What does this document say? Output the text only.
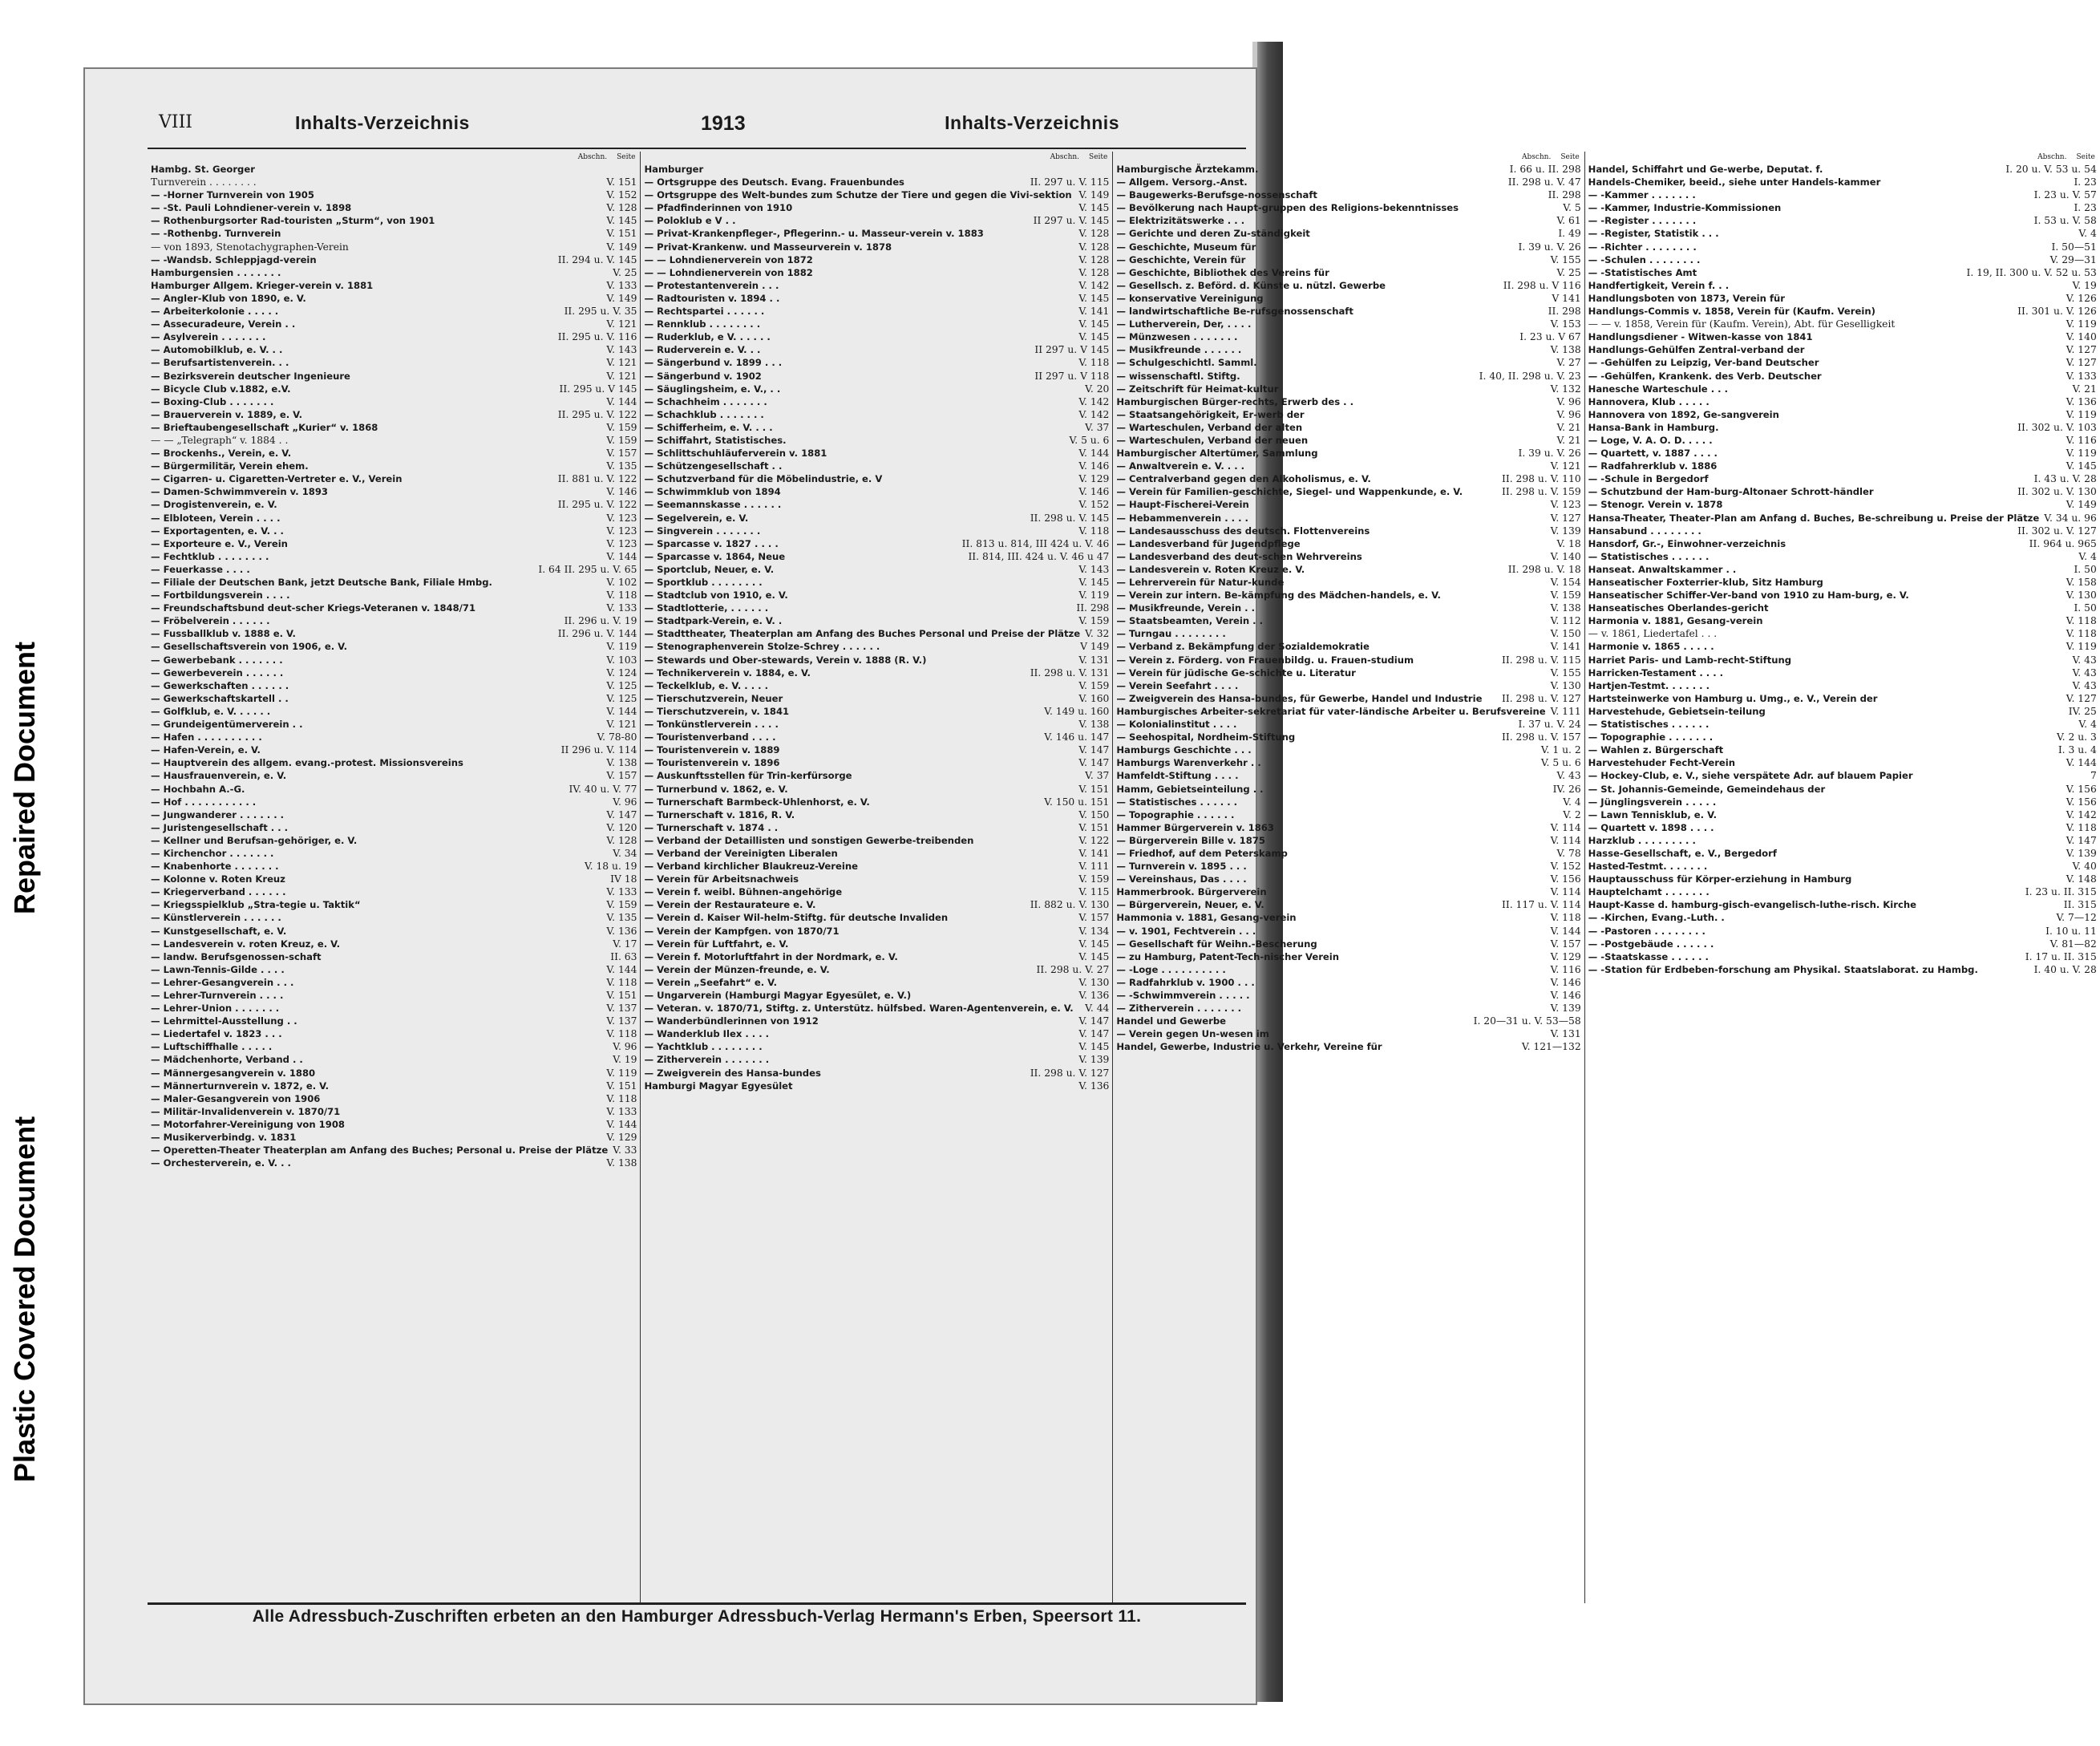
Repaired Document
Plastic Covered Document
VIII	Inhalts-Verzeichnis	1913	Inhalts-Verzeichnis
Abschn. Seite
Hambg. St. Georger
Turnverein . . . . . . . .	V. 151
— -Horner Turnverein von 1905	V. 152
— -St. Pauli Lohndiener-verein v. 1898	V. 128
— Rothenburgsorter Rad-touristen „Sturm“, von 1901	V. 145
— -Rothenbg. Turnverein	V. 151
— von 1893, Stenotachygraphen-Verein	V. 149
— -Wandsb. Schleppjagd-verein	II. 294 u. V. 145
Hamburgensien . . . . . . .	V. 25
Hamburger Allgem. Krieger-verein v. 1881	V. 133
— Angler-Klub von 1890, e. V.	V. 149
— Arbeiterkolonie . . . . .	II. 295 u. V. 35
— Assecuradeure, Verein . .	V. 121
— Asylverein . . . . . . .	II. 295 u. V. 116
— Automobilklub, e. V. . .	V. 143
— Berufsartistenverein. . .	V. 121
— Bezirksverein deutscher Ingenieure	V. 121
— Bicycle Club v.1882, e.V.	II. 295 u. V 145
— Boxing-Club . . . . . . .	V. 144
— Brauerverein v. 1889, e. V.	II. 295 u. V. 122
— Brieftaubengesellschaft „Kurier“ v. 1868	V. 159
— — „Telegraph“ v. 1884 . .	V. 159
— Brockenhs., Verein, e. V.	V. 157
— Bürgermilitär, Verein ehem.	V. 135
— Cigarren- u. Cigaretten-Vertreter e. V., Verein	II. 881 u. V. 122
— Damen-Schwimmverein v. 1893	V. 146
— Drogistenverein, e. V.	II. 295 u. V. 122
— Elbloteen, Verein . . . .	V. 123
— Exportagenten, e. V. . .	V. 123
— Exporteure e. V., Verein	V. 123
— Fechtklub . . . . . . . .	V. 144
— Feuerkasse . . . .	I. 64 II. 295 u. V. 65
— Filiale der Deutschen Bank, jetzt Deutsche Bank, Filiale Hmbg.	V. 102
— Fortbildungsverein . . . .	V. 118
— Freundschaftsbund deut-scher Kriegs-Veteranen v. 1848/71	V. 133
— Fröbelverein . . . . . .	II. 296 u. V. 19
— Fussballklub v. 1888 e. V.	II. 296 u. V. 144
— Gesellschaftsverein von 1906, e. V.	V. 119
— Gewerbebank . . . . . . .	V. 103
— Gewerbeverein . . . . . .	V. 124
— Gewerkschaften . . . . . .	V. 125
— Gewerkschaftskartell . .	V. 125
— Golfklub, e. V. . . . . .	V. 144
— Grundeigentümerverein . .	V. 121
— Hafen . . . . . . . . . .	V. 78-80
— Hafen-Verein, e. V.	II 296 u. V. 114
— Hauptverein des allgem. evang.-protest. Missionsvereins	V. 138
— Hausfrauenverein, e. V.	V. 157
— Hochbahn A.-G.	IV. 40 u. V. 77
— Hof . . . . . . . . . . .	V. 96
— Jungwanderer . . . . . . .	V. 147
— Juristengesellschaft . . .	V. 120
— Kellner und Berufsan-gehöriger, e. V.	V. 128
— Kirchenchor . . . . . . .	V. 34
— Knabenhorte . . . . . . .	V. 18 u. 19
— Kolonne v. Roten Kreuz	IV 18
— Kriegerverband . . . . . .	V. 133
— Kriegsspielklub „Stra-tegie u. Taktik“	V. 159
— Künstlerverein . . . . . .	V. 135
— Kunstgesellschaft, e. V.	V. 136
— Landesverein v. roten Kreuz, e. V.	V. 17
— landw. Berufsgenossen-schaft	II. 63
— Lawn-Tennis-Gilde . . . .	V. 144
— Lehrer-Gesangverein . . .	V. 118
— Lehrer-Turnverein . . . .	V. 151
— Lehrer-Union . . . . . . .	V. 137
— Lehrmittel-Ausstellung . .	V. 137
— Liedertafel v. 1823 . . .	V. 118
— Luftschiffhalle . . . . .	V. 96
— Mädchenhorte, Verband . .	V. 19
— Männergesangverein v. 1880	V. 119
— Männerturnverein v. 1872, e. V.	V. 151
— Maler-Gesangverein von 1906	V. 118
— Militär-Invalidenverein v. 1870/71	V. 133
— Motorfahrer-Vereinigung von 1908	V. 144
— Musikerverbindg. v. 1831	V. 129
— Operetten-Theater Theaterplan am Anfang des Buches; Personal u. Preise der Plätze V. 33
— Orchesterverein, e. V. . .	V. 138
Abschn. Seite
Hamburger
— Ortsgruppe des Deutsch. Evang. Frauenbundes	II. 297 u. V. 115
— Ortsgruppe des Welt-bundes zum Schutze der Tiere und gegen die Vivi-sektion V. 149
— Pfadfinderinnen von 1910	V. 145
— Poloklub e V . .	II 297 u. V. 145
— Privat-Krankenpfleger-, Pflegerinn.- u. Masseur-verein v. 1883	V. 128
— Privat-Krankenw. und Masseurverein v. 1878	V. 128
— — Lohndienerverein von 1872	V. 128
— — Lohndienerverein von 1882	V. 128
— Protestantenverein . . .	V. 142
— Radtouristen v. 1894 . .	V. 145
— Rechtspartei . . . . . .	V. 141
— Rennklub . . . . . . . .	V. 145
— Ruderklub, e V. . . . . .	V. 145
— Ruderverein e. V. . .	II 297 u. V 145
— Sängerbund v. 1899 . . .	V. 118
— Sängerbund v. 1902	II 297 u. V 118
— Säuglingsheim, e. V., . .	V. 20
— Schachheim . . . . . . .	V. 142
— Schachklub . . . . . . .	V. 142
— Schifferheim, e. V. . . .	V. 37
— Schiffahrt, Statistisches.	V. 5 u. 6
— Schlittschuhläuferverein v. 1881	V. 144
— Schützengesellschaft . .	V. 146
— Schutzverband für die Möbelindustrie, e. V	V. 129
— Schwimmklub von 1894	V. 146
— Seemannskasse . . . . . .	V. 152
— Segelverein, e. V.	II. 298 u. V. 145
— Singverein . . . . . . .	V. 118
— Sparcasse v. 1827 . . . .	II. 813 u. 814, III 424 u. V. 46
— Sparcasse v. 1864, Neue	II. 814, III. 424 u. V. 46 u 47
— Sportclub, Neuer, e. V.	V. 143
— Sportklub . . . . . . . .	V. 145
— Stadtclub von 1910, e. V.	V. 119
— Stadtlotterie, . . . . . .	II. 298
— Stadtpark-Verein, e. V. .	V. 159
— Stadttheater, Theaterplan am Anfang des Buches Personal und Preise der Plätze V. 32
— Stenographenverein Stolze-Schrey . . . . . .	V 149
— Stewards und Ober-stewards, Verein v. 1888 (R. V.)	V. 131
— Technikerverein v. 1884, e. V.	II. 298 u. V. 131
— Teckelklub, e. V. . . . .	V. 159
— Tierschutzverein, Neuer	V. 160
— Tierschutzverein, v. 1841	V. 149 u. 160
— Tonkünstlerverein . . . .	V. 138
— Touristenverband . . . .	V. 146 u. 147
— Touristenverein v. 1889	V. 147
— Touristenverein v. 1896	V. 147
— Auskunftsstellen für Trin-kerfürsorge	V. 37
— Turnerbund v. 1862, e. V.	V. 151
— Turnerschaft Barmbeck-Uhlenhorst, e. V.	V. 150 u. 151
— Turnerschaft v. 1816, R. V.	V. 150
— Turnerschaft v. 1874 . .	V. 151
— Verband der Detaillisten und sonstigen Gewerbe-treibenden	V. 122
— Verband der Vereinigten Liberalen	V. 141
— Verband kirchlicher Blaukreuz-Vereine	V. 111
— Verein für Arbeitsnachweis	V. 159
— Verein f. weibl. Bühnen-angehörige	V. 115
— Verein der Restaurateure e. V.	II. 882 u. V. 130
— Verein d. Kaiser Wil-helm-Stiftg. für deutsche Invaliden	V. 157
— Verein der Kampfgen. von 1870/71	V. 134
— Verein für Luftfahrt, e. V.	V. 145
— Verein f. Motorluftfahrt in der Nordmark, e. V.	V. 145
— Verein der Münzen-freunde, e. V.	II. 298 u. V. 27
— Verein „Seefahrt“ e. V.	V. 130
— Ungarverein (Hamburgi Magyar Egyesület, e. V.)	V. 136
— Veteran. v. 1870/71, Stiftg. z. Unterstütz. hülfsbed. Waren-Agentenverein, e. V.	V. 44
— Wanderbündlerinnen von 1912	V. 147
— Wanderklub Ilex . . . .	V. 147
— Yachtklub . . . . . . . .	V. 145
— Zitherverein . . . . . . .	V. 139
— Zweigverein des Hansa-bundes	II. 298 u. V. 127
Hamburgi Magyar Egyesület	V. 136
Abschn. Seite
Hamburgische Ärztekamm.	I. 66 u. II. 298
— Allgem. Versorg.-Anst.	II. 298 u. V. 47
— Baugewerks-Berufsge-nossenschaft	II. 298
— Bevölkerung nach Haupt-gruppen des Religions-bekenntnisses	V. 5
— Elektrizitätswerke . . .	V. 61
— Gerichte und deren Zu-ständigkeit	I. 49
— Geschichte, Museum für	I. 39 u. V. 26
— Geschichte, Verein für	V. 155
— Geschichte, Bibliothek des Vereins für	V. 25
— Gesellsch. z. Beförd. d. Künste u. nützl. Gewerbe	II. 298 u. V 116
— konservative Vereinigung	V 141
— landwirtschaftliche Be-rufsgenossenschaft	II. 298
— Lutherverein, Der, . . . .	V. 153
— Münzwesen . . . . . . .	I. 23 u. V 67
— Musikfreunde . . . . . .	V. 138
— Schulgeschichtl. Samml.	V. 27
— wissenschaftl. Stiftg.	I. 40, II. 298 u. V. 23
— Zeitschrift für Heimat-kultur	V. 132
Hamburgischen Bürger-rechts, Erwerb des . .	V. 96
— Staatsangehörigkeit, Er-werb der	V. 96
— Warteschulen, Verband der alten	V. 21
— Warteschulen, Verband der neuen	V. 21
Hamburgischer Altertümer, Sammlung	I. 39 u. V. 26
— Anwaltverein e. V. . . .	V. 121
— Centralverband gegen den Alkoholismus, e. V.	II. 298 u. V. 110
— Verein für Familien-geschichte, Siegel- und Wappenkunde, e. V.	II. 298 u. V. 159
— Haupt-Fischerei-Verein	V. 123
— Hebammenverein . . . .	V. 127
— Landesausschuss des deutsch. Flottenvereins	V. 139
— Landesverband für Jugendpflege	V. 18
— Landesverband des deut-schen Wehrvereins	V. 140
— Landesverein v. Roten Kreuz e. V.	II. 298 u. V. 18
— Lehrerverein für Natur-kunde	V. 154
— Verein zur intern. Be-kämpfung des Mädchen-handels, e. V.	V. 159
— Musikfreunde, Verein . .	V. 138
— Staatsbeamten, Verein . .	V. 112
— Turngau . . . . . . . .	V. 150
— Verband z. Bekämpfung der Sozialdemokratie	V. 141
— Verein z. Förderg. von Frauenbildg. u. Frauen-studium	II. 298 u. V. 115
— Verein für jüdische Ge-schichte u. Literatur	V. 155
— Verein Seefahrt . . . .	V. 130
— Zweigverein des Hansa-bundes, für Gewerbe, Handel und Industrie	II. 298 u. V. 127
Hamburgisches Arbeiter-sekretariat für vater-ländische Arbeiter u. Berufsvereine V. 111
— Kolonialinstitut . . . .	I. 37 u. V. 24
— Seehospital, Nordheim-Stiftung	II. 298 u. V. 157
Hamburgs Geschichte . . .	V. 1 u. 2
Hamburgs Warenverkehr . .	V. 5 u. 6
Hamfeldt-Stiftung . . . .	V. 43
Hamm, Gebietseinteilung . .	IV. 26
— Statistisches . . . . . .	V. 4
— Topographie . . . . . .	V. 2
Hammer Bürgerverein v. 1863	V. 114
— Bürgerverein Bille v. 1875	V. 114
— Friedhof, auf dem Peterskamp	V. 78
— Turnverein v. 1895 . . .	V. 152
— Vereinshaus, Das . . . .	V. 156
Hammerbrook. Bürgerverein	V. 114
— Bürgerverein, Neuer, e. V.	II. 117 u. V. 114
Hammonia v. 1881, Gesang-verein	V. 118
— v. 1901, Fechtverein . . .	V. 144
— Gesellschaft für Weihn.-Bescherung	V. 157
— zu Hamburg, Patent-Tech-nischer Verein	V. 129
— -Loge . . . . . . . . . .	V. 116
— Radfahrklub v. 1900 . . .	V. 146
— -Schwimmverein . . . . .	V. 146
— Zitherverein . . . . . . .	V. 139
Handel und Gewerbe	I. 20—31 u. V. 53—58
— Verein gegen Un-wesen im	V. 131
Handel, Gewerbe, Industrie u. Verkehr, Vereine für	V. 121—132
Abschn. Seite
Handel, Schiffahrt und Ge-werbe, Deputat. f.	I. 20 u. V. 53 u. 54
Handels-Chemiker, beeid., siehe unter Handels-kammer	I. 23
— -Kammer . . . . . . .	I. 23 u. V. 57
— -Kammer, Industrie-Kommissionen	I. 23
— -Register . . . . . . .	I. 53 u. V. 58
— -Register, Statistik . . .	V. 4
— -Richter . . . . . . . .	I. 50—51
— -Schulen . . . . . . . .	V. 29—31
— -Statistisches Amt	I. 19, II. 300 u. V. 52 u. 53
Handfertigkeit, Verein f. . .	V. 19
Handlungsboten von 1873, Verein für	V. 126
Handlungs-Commis v. 1858, Verein für (Kaufm. Verein)	II. 301 u. V. 126
— — v. 1858, Verein für (Kaufm. Verein), Abt. für Geselligkeit	V. 119
Handlungsdiener - Witwen-kasse von 1841	V. 140
Handlungs-Gehülfen Zentral-verband der	V. 127
— -Gehülfen zu Leipzig, Ver-band Deutscher	V. 127
— -Gehülfen, Krankenk. des Verb. Deutscher	V. 133
Hanesche Warteschule . . .	V. 21
Hannovera, Klub . . . . .	V. 136
Hannovera von 1892, Ge-sangverein	V. 119
Hansa-Bank in Hamburg.	II. 302 u. V. 103
— Loge, V. A. O. D. . . . .	V. 116
— Quartett, v. 1887 . . . .	V. 119
— Radfahrerklub v. 1886	V. 145
— -Schule in Bergedorf	I. 43 u. V. 28
— Schutzbund der Ham-burg-Altonaer Schrott-händler	II. 302 u. V. 130
— Stenogr. Verein v. 1878	V. 149
Hansa-Theater, Theater-Plan am Anfang d. Buches, Be-schreibung u. Preise der Plätze V. 34 u. 96
Hansabund . . . . . . . .	II. 302 u. V. 127
Hansdorf, Gr.-, Einwohner-verzeichnis	II. 964 u. 965
— Statistisches . . . . . .	V. 4
Hanseat. Anwaltskammer . .	I. 50
Hanseatischer Foxterrier-klub, Sitz Hamburg	V. 158
Hanseatischer Schiffer-Ver-band von 1910 zu Ham-burg, e. V.	V. 130
Hanseatisches Oberlandes-gericht	I. 50
Harmonia v. 1881, Gesang-verein	V. 118
— v. 1861, Liedertafel . . .	V. 118
Harmonie v. 1865 . . . . .	V. 119
Harriet Paris- und Lamb-recht-Stiftung	V. 43
Harricken-Testament . . . .	V. 43
Hartjen-Testmt. . . . . . .	V. 43
Hartsteinwerke von Hamburg u. Umg., e. V., Verein der	V. 127
Harvestehude, Gebietsein-teilung	IV. 25
— Statistisches . . . . . .	V. 4
— Topographie . . . . . . .	V. 2 u. 3
— Wahlen z. Bürgerschaft	I. 3 u. 4
Harvestehuder Fecht-Verein	V. 144
— Hockey-Club, e. V., siehe verspätete Adr. auf blauem Papier	7
— St. Johannis-Gemeinde, Gemeindehaus der	V. 156
— Jünglingsverein . . . . .	V. 156
— Lawn Tennisklub, e. V.	V. 142
— Quartett v. 1898 . . . .	V. 118
Harzklub . . . . . . . . .	V. 147
Hasse-Gesellschaft, e. V., Bergedorf	V. 139
Hasted-Testmt. . . . . . .	V. 40
Hauptausschuss für Körper-erziehung in Hamburg	V. 148
Hauptelchamt . . . . . . .	I. 23 u. II. 315
Haupt-Kasse d. hamburg-gisch-evangelisch-luthe-risch. Kirche	II. 315
— -Kirchen, Evang.-Luth. .	V. 7—12
— -Pastoren . . . . . . . .	I. 10 u. 11
— -Postgebäude . . . . . .	V. 81—82
— -Staatskasse . . . . . .	I. 17 u. II. 315
— -Station für Erdbeben-forschung am Physikal. Staatslaborat. zu Hambg.	I. 40 u. V. 28
Alle Adressbuch-Zuschriften erbeten an den Hamburger Adressbuch-Verlag Hermann's Erben, Speersort 11.
